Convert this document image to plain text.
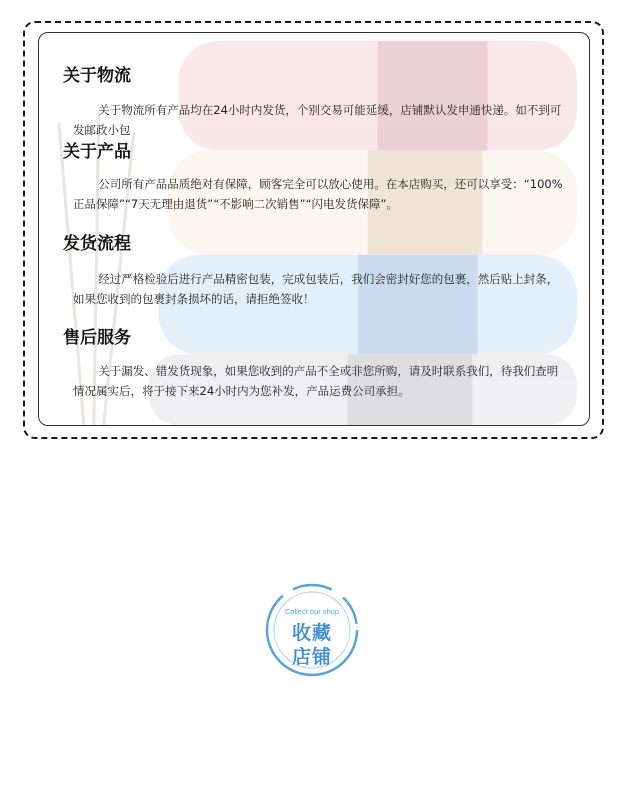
关于物流

关于物流所有产品均在24小时内发货，个别交易可能延缓，店铺默认发申通快递。如不到可发邮政小包

关于产品

公司所有产品品质绝对有保障，顾客完全可以放心使用。在本店购买，还可以享受：“100%正品保障”“7天无理由退货”“不影响二次销售”“闪电发货保障”。

发货流程

经过严格检验后进行产品精密包装，完成包装后，我们会密封好您的包裹，然后贴上封条，如果您收到的包裹封条损坏的话，请拒绝签收！

售后服务

关于漏发、错发货现象，如果您收到的产品不全或非您所购，请及时联系我们，待我们查明情况属实后，将于接下来24小时内为您补发，产品运费公司承担。

Collect our shop
收藏
店铺
